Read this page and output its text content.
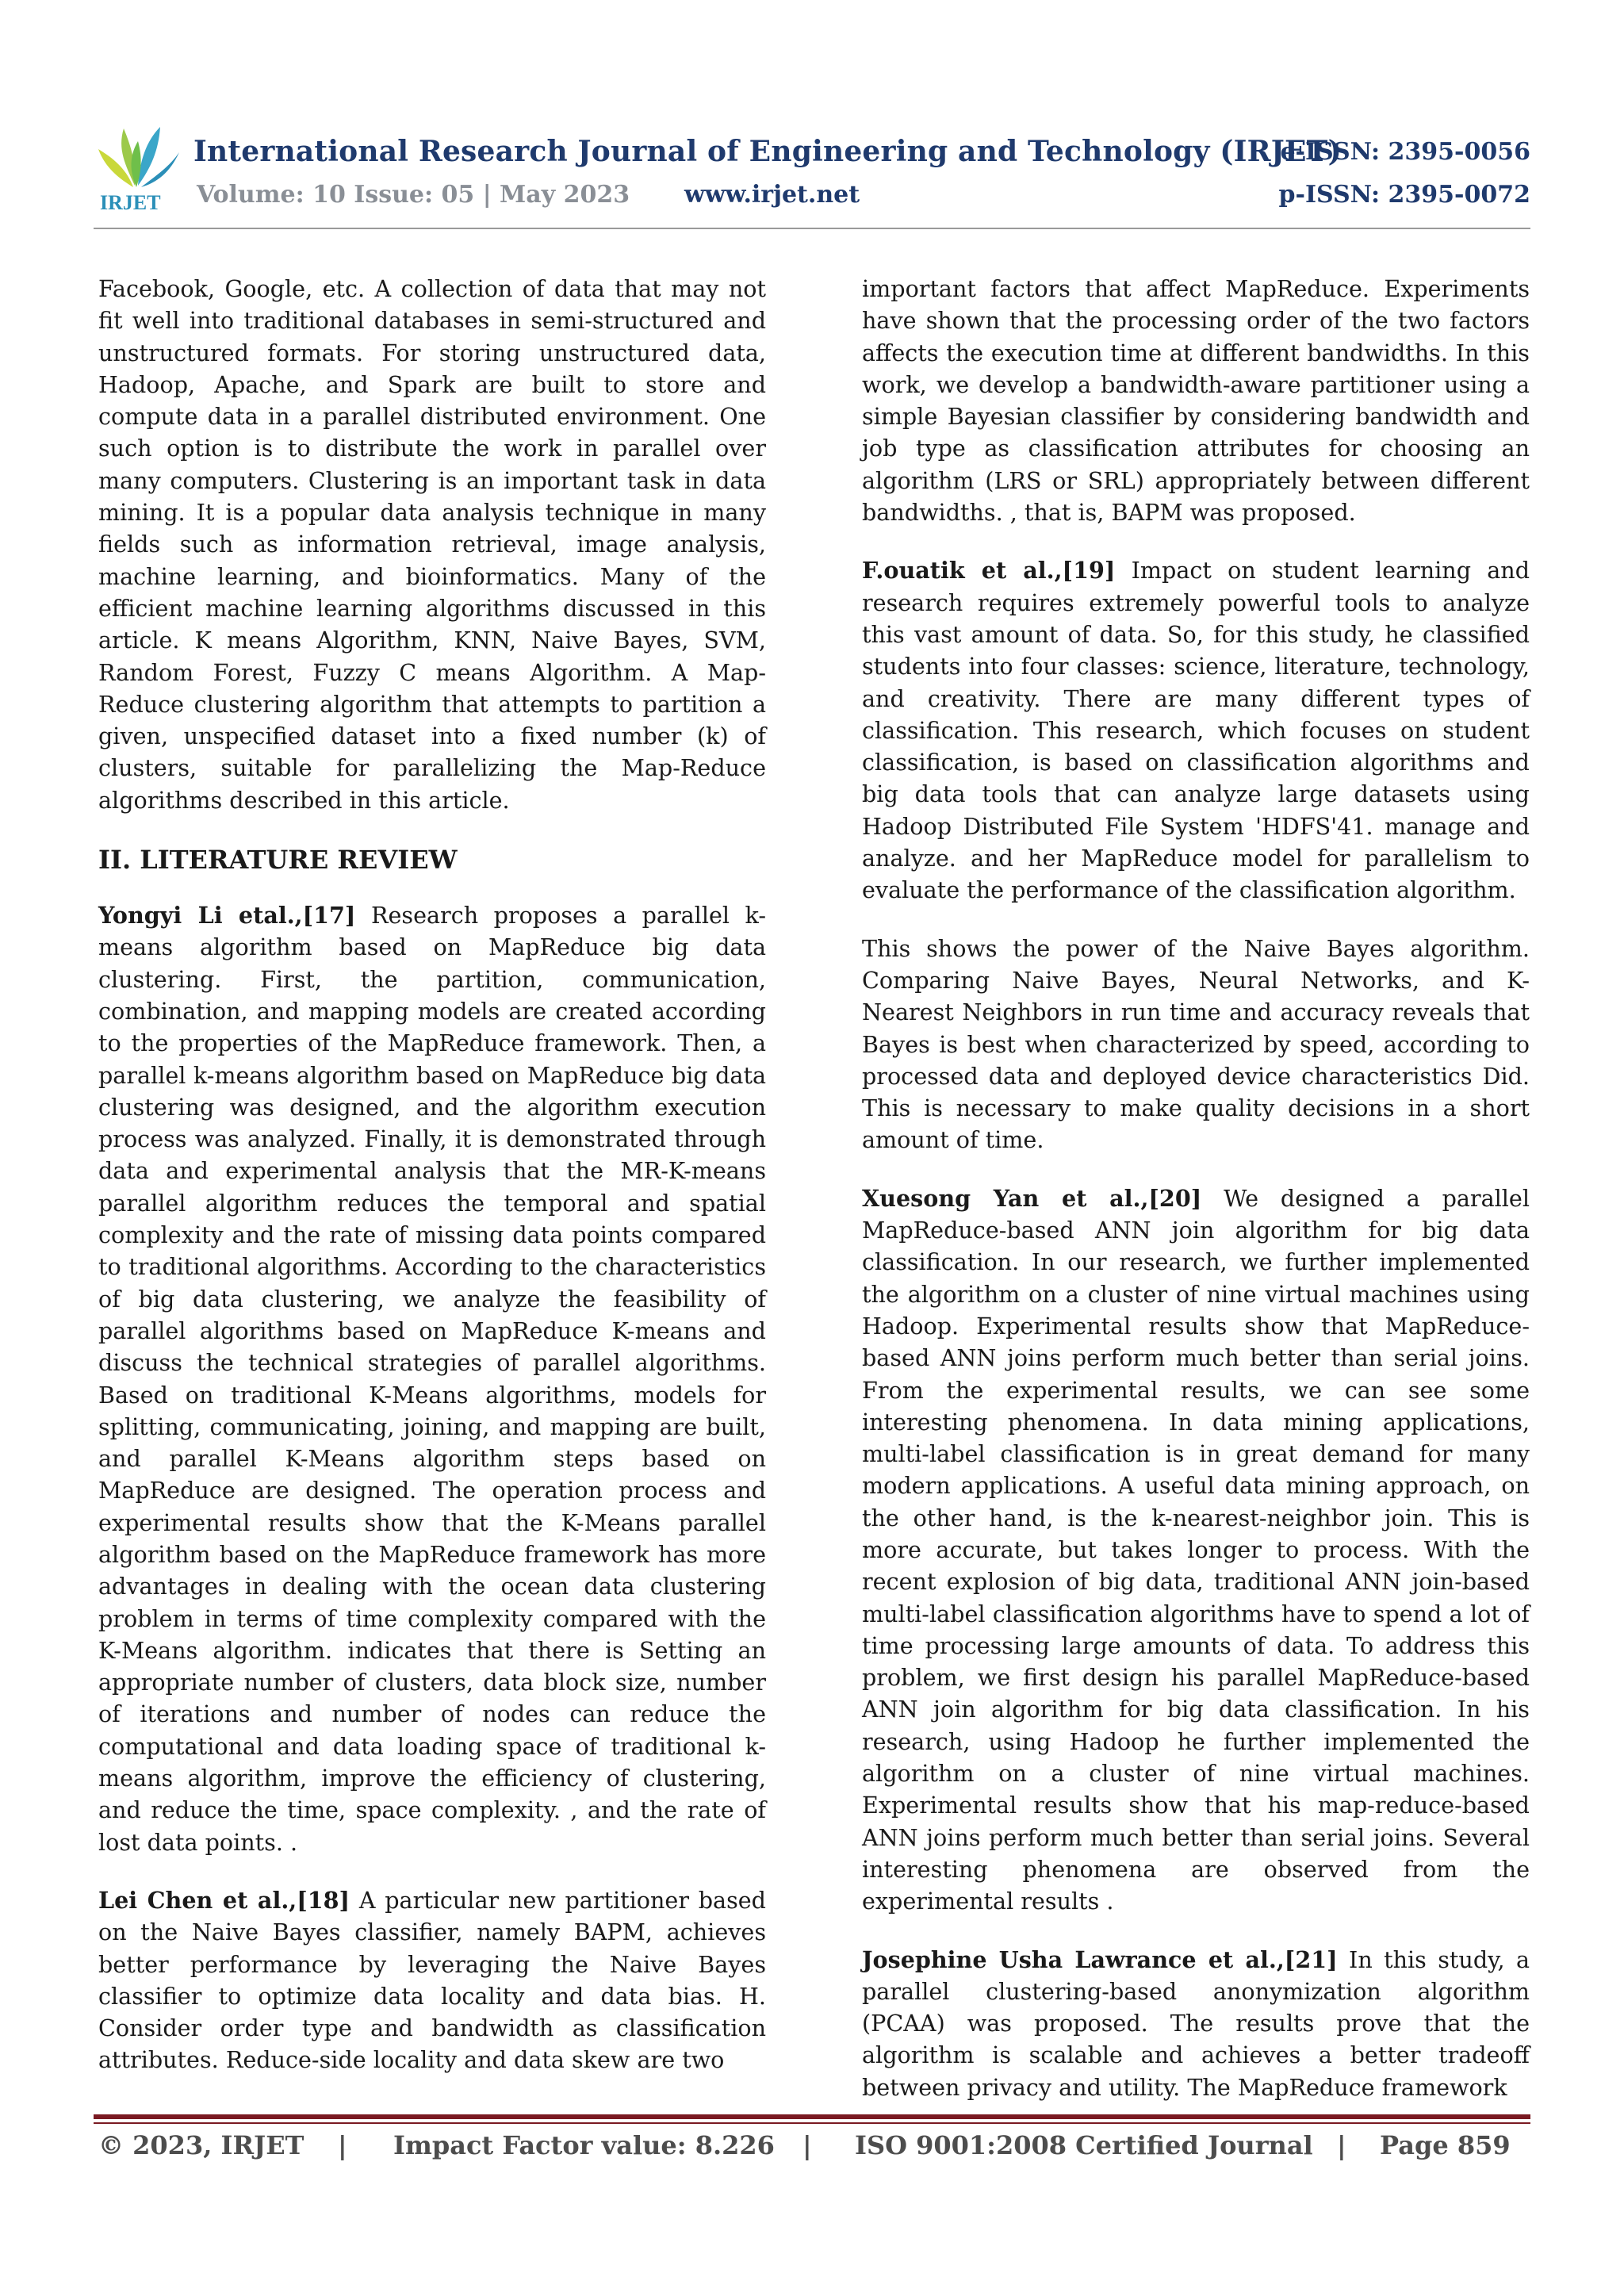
IRJET
International Research Journal of Engineering and Technology (IRJET)
e-ISSN: 2395-0056
Volume: 10 Issue: 05 | May 2023 www.irjet.net	p-ISSN: 2395-0072

Facebook, Google, etc. A collection of data that may not fit well into traditional databases in semi-structured and unstructured formats. For storing unstructured data, Hadoop, Apache, and Spark are built to store and compute data in a parallel distributed environment. One such option is to distribute the work in parallel over many computers. Clustering is an important task in data mining. It is a popular data analysis technique in many fields such as information retrieval, image analysis, machine learning, and bioinformatics. Many of the efficient machine learning algorithms discussed in this article. K means Algorithm, KNN, Naive Bayes, SVM, Random Forest, Fuzzy C means Algorithm. A Map-Reduce clustering algorithm that attempts to partition a given, unspecified dataset into a fixed number (k) of clusters, suitable for parallelizing the Map-Reduce algorithms described in this article.

II. LITERATURE REVIEW

Yongyi Li etal.,[17] Research proposes a parallel k-means algorithm based on MapReduce big data clustering. First, the partition, communication, combination, and mapping models are created according to the properties of the MapReduce framework. Then, a parallel k-means algorithm based on MapReduce big data clustering was designed, and the algorithm execution process was analyzed. Finally, it is demonstrated through data and experimental analysis that the MR-K-means parallel algorithm reduces the temporal and spatial complexity and the rate of missing data points compared to traditional algorithms. According to the characteristics of big data clustering, we analyze the feasibility of parallel algorithms based on MapReduce K-means and discuss the technical strategies of parallel algorithms. Based on traditional K-Means algorithms, models for splitting, communicating, joining, and mapping are built, and parallel K-Means algorithm steps based on MapReduce are designed. The operation process and experimental results show that the K-Means parallel algorithm based on the MapReduce framework has more advantages in dealing with the ocean data clustering problem in terms of time complexity compared with the K-Means algorithm. indicates that there is Setting an appropriate number of clusters, data block size, number of iterations and number of nodes can reduce the computational and data loading space of traditional k-means algorithm, improve the efficiency of clustering, and reduce the time, space complexity. , and the rate of lost data points. .

Lei Chen et al.,[18] A particular new partitioner based on the Naive Bayes classifier, namely BAPM, achieves better performance by leveraging the Naive Bayes classifier to optimize data locality and data bias. H. Consider order type and bandwidth as classification attributes. Reduce-side locality and data skew are two

important factors that affect MapReduce. Experiments have shown that the processing order of the two factors affects the execution time at different bandwidths. In this work, we develop a bandwidth-aware partitioner using a simple Bayesian classifier by considering bandwidth and job type as classification attributes for choosing an algorithm (LRS or SRL) appropriately between different bandwidths. , that is, BAPM was proposed.

F.ouatik et al.,[19] Impact on student learning and research requires extremely powerful tools to analyze this vast amount of data. So, for this study, he classified students into four classes: science, literature, technology, and creativity. There are many different types of classification. This research, which focuses on student classification, is based on classification algorithms and big data tools that can analyze large datasets using Hadoop Distributed File System 'HDFS'41. manage and analyze. and her MapReduce model for parallelism to evaluate the performance of the classification algorithm.

This shows the power of the Naive Bayes algorithm. Comparing Naive Bayes, Neural Networks, and K-Nearest Neighbors in run time and accuracy reveals that Bayes is best when characterized by speed, according to processed data and deployed device characteristics Did. This is necessary to make quality decisions in a short amount of time.

Xuesong Yan et al.,[20] We designed a parallel MapReduce-based ANN join algorithm for big data classification. In our research, we further implemented the algorithm on a cluster of nine virtual machines using Hadoop. Experimental results show that MapReduce-based ANN joins perform much better than serial joins. From the experimental results, we can see some interesting phenomena. In data mining applications, multi-label classification is in great demand for many modern applications. A useful data mining approach, on the other hand, is the k-nearest-neighbor join. This is more accurate, but takes longer to process. With the recent explosion of big data, traditional ANN join-based multi-label classification algorithms have to spend a lot of time processing large amounts of data. To address this problem, we first design his parallel MapReduce-based ANN join algorithm for big data classification. In his research, using Hadoop he further implemented the algorithm on a cluster of nine virtual machines. Experimental results show that his map-reduce-based ANN joins perform much better than serial joins. Several interesting phenomena are observed from the experimental results .

Josephine Usha Lawrance et al.,[21] In this study, a parallel clustering-based anonymization algorithm (PCAA) was proposed. The results prove that the algorithm is scalable and achieves a better tradeoff between privacy and utility. The MapReduce framework

© 2023, IRJET | Impact Factor value: 8.226 | ISO 9001:2008 Certified Journal | Page 859
